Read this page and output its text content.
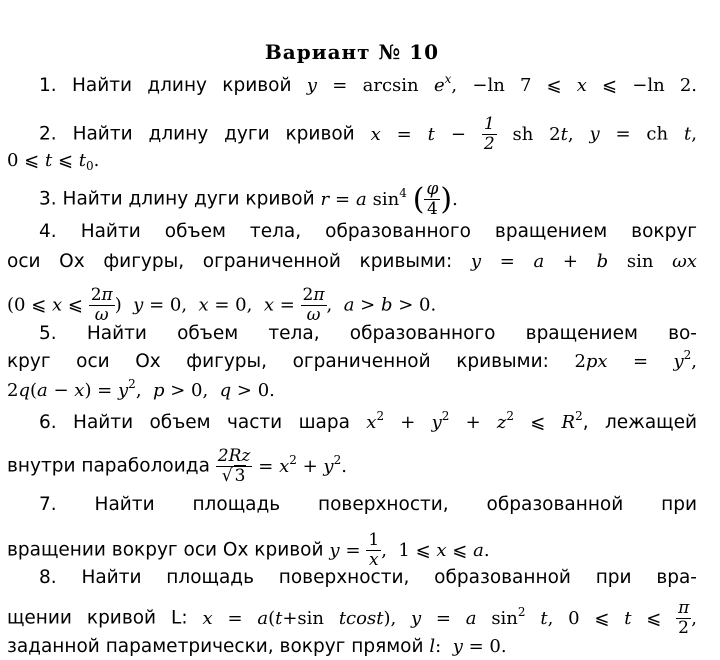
Вариант № 10
1. Найти длину кривой $y = \arcsin e^x$, −ln 7 ⩽ x ⩽ −ln 2.
2. Найти длину дуги кривой $x = t - \frac{1}{2}$ sh 2t, y = ch t,
0 ⩽ t ⩽ $t_0$.
3. Найти длину дуги кривой r = a $\sin^4$ ( $\frac{\varphi}{4}$ ).
4. Найти объем тела, образованного вращением вокруг
оси Ox фигуры, ограниченной кривыми: y = a + b sin ωx
(0 ⩽ x ⩽ $\frac{2\pi}{\omega}$ )  y = 0,  x = 0,  $x = \frac{2\pi}{\omega}$ ,  a > b > 0.
5. Найти объем тела, образованного вращением во-
круг оси Ox фигуры, ограниченной кривыми: $2px = y^2$,
$2q(a - x) = y^2$,  p > 0,  q > 0.
6. Найти объем части шара $x^2 + y^2 + z^2$ ⩽ $R^2$, лежащей
внутри параболоида $\frac{2Rz}{√ 3} = x^2 + y^2$.
7. Найти площадь поверхности, образованной при
вращении вокруг оси Ox кривой $y = \frac{1}{x}$ ,  1 ⩽ x ⩽ a.
8. Найти площадь поверхности, образованной при вра-
щении кривой L: x = a(t+sin tcost), y = a $\sin^2 t$, 0 ⩽ t ⩽ $\frac{\pi}{2}$ ,
заданной параметрически, вокруг прямой l:  y = 0.
